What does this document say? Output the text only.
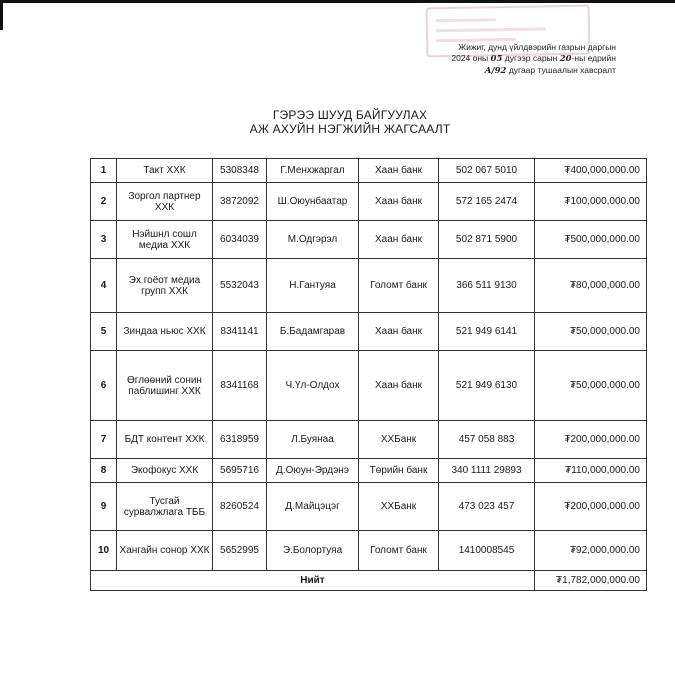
Жижиг, дунд үйлдвэрийн газрын даргын
2024 оны 05 дугээр сарын 20-ны едрийн
А/92 дугаар тушаалын хавсралт
ГЭРЭЭ ШУУД БАЙГУУЛАХ
АЖ АХУЙН НЭГЖИЙН ЖАГСААЛТ
1	Такт ХХК	5308348	Г.Менхжаргал	Хаан банк	502 067 5010	₮400,000,000.00
2	Зоргол партнер ХХК	3872092	Ш.Оюунбаатар	Хаан банк	572 165 2474	₮100,000,000.00
3	Нэйшнл сошл медиа ХХК	6034039	М.Одгэрэл	Хаан банк	502 871 5900	₮500,000,000.00
4	Эх гоёот медиа групп ХХК	5532043	Н.Гантуяа	Голомт банк	366 511 9130	₮80,000,000.00
5	Зиндаа ньюс ХХК	8341141	Б.Бадамгарав	Хаан банк	521 949 6141	₮50,000,000.00
6	Өглөөний сонин паблишинг ХХК	8341168	Ч.Үл-Олдох	Хаан банк	521 949 6130	₮50,000,000.00
7	БДТ контент ХХК	6318959	Л.Буянаа	ХХБанк	457 058 883	₮200,000,000.00
8	Экофокус ХХК	5695716	Д.Оюун-Эрдэнэ	Төрийн банк	340 1111 29893	₮110,000,000.00
9	Тусгай сурвалжлага ТББ	8260524	Д.Майцэцэг	ХХБанк	473 023 457	₮200,000,000.00
10	Хангайн сонор ХХК	5652995	Э.Болортуяа	Голомт банк	1410008545	₮92,000,000.00
Нийт						₮1,782,000,000.00
